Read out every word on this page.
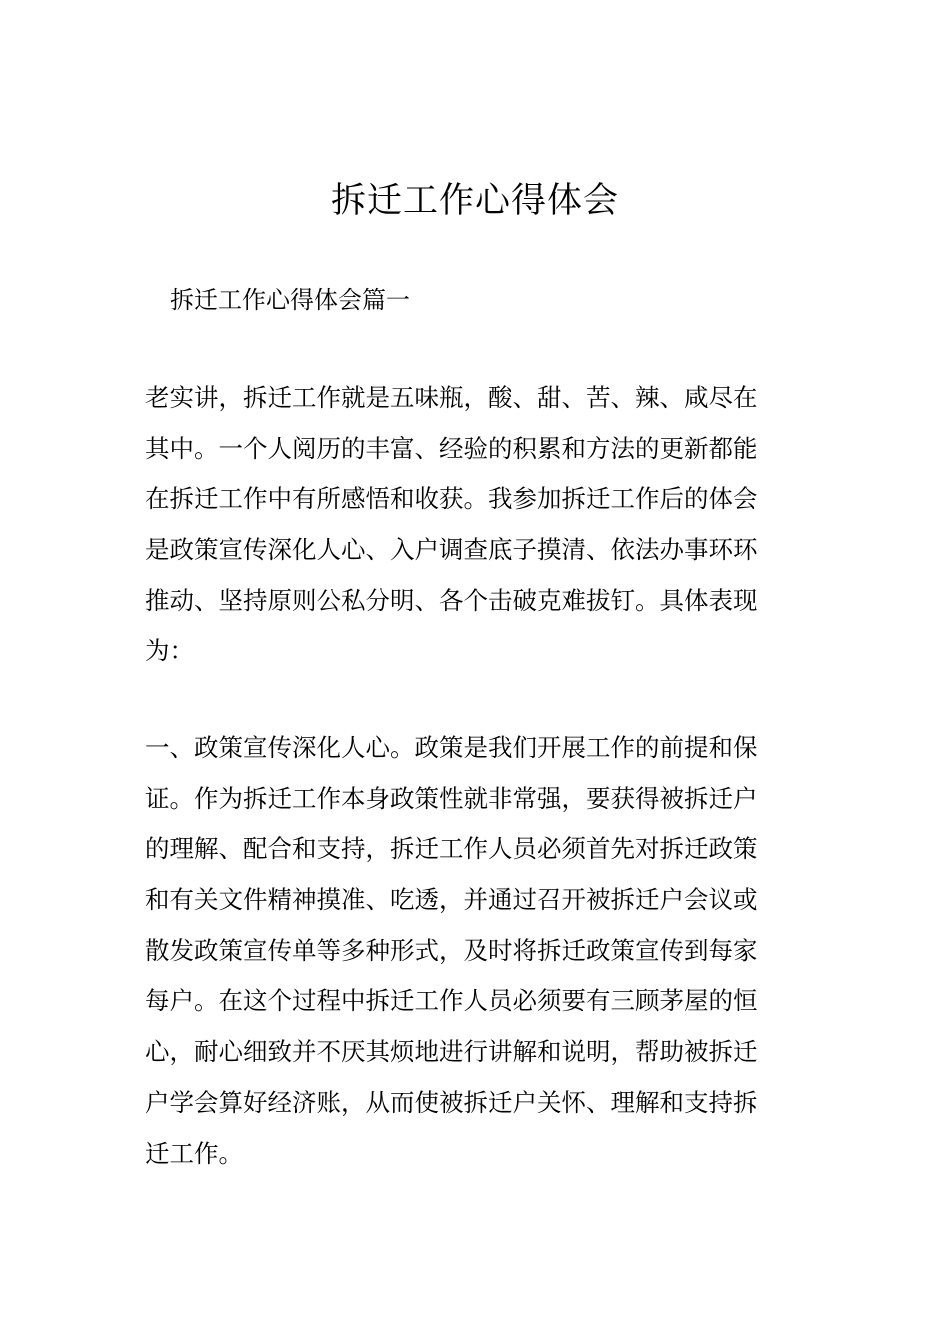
拆迁工作心得体会

拆迁工作心得体会篇一

老实讲，拆迁工作就是五味瓶，酸、甜、苦、辣、咸尽在
其中。一个人阅历的丰富、经验的积累和方法的更新都能
在拆迁工作中有所感悟和收获。我参加拆迁工作后的体会
是政策宣传深化人心、入户调查底子摸清、依法办事环环
推动、坚持原则公私分明、各个击破克难拔钉。具体表现
为：
一、政策宣传深化人心。政策是我们开展工作的前提和保
证。作为拆迁工作本身政策性就非常强，要获得被拆迁户
的理解、配合和支持，拆迁工作人员必须首先对拆迁政策
和有关文件精神摸准、吃透，并通过召开被拆迁户会议或
散发政策宣传单等多种形式，及时将拆迁政策宣传到每家
每户。在这个过程中拆迁工作人员必须要有三顾茅屋的恒
心，耐心细致并不厌其烦地进行讲解和说明，帮助被拆迁
户学会算好经济账，从而使被拆迁户关怀、理解和支持拆
迁工作。
